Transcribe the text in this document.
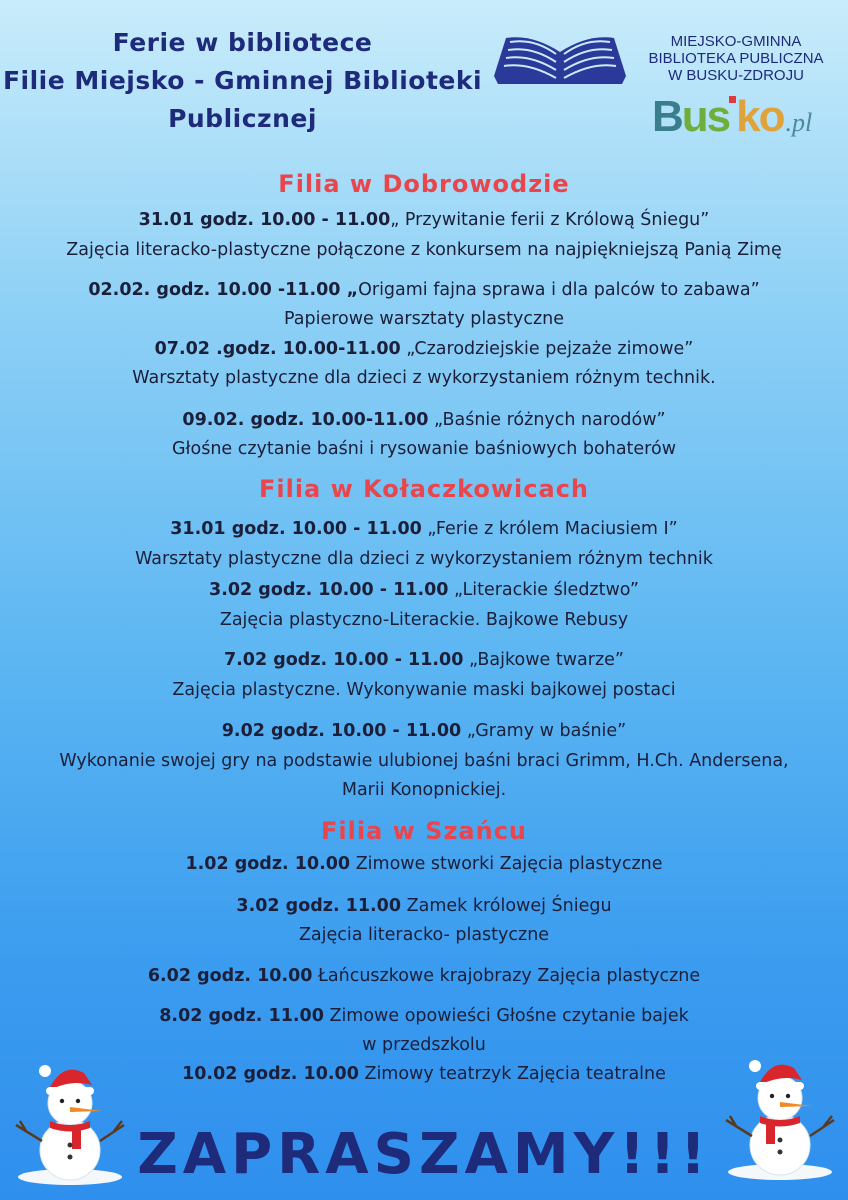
Ferie w bibliotece
Filie Miejsko - Gminnej Biblioteki
Publicznej
MIEJSKO-GMINNA
BIBLIOTEKA PUBLICZNA
W BUSKU-ZDROJU
Bus ko.pl
Filia w Dobrowodzie
31.01 godz. 10.00 - 11.00„ Przywitanie ferii z Królową Śniegu”
Zajęcia literacko-plastyczne połączone z konkursem na najpiękniejszą Panią Zimę
02.02. godz. 10.00 -11.00 „Origami fajna sprawa i dla palców to zabawa”
Papierowe warsztaty plastyczne
07.02 .godz. 10.00-11.00 „Czarodziejskie pejzaże zimowe”
Warsztaty plastyczne dla dzieci z wykorzystaniem różnym technik.
09.02. godz. 10.00-11.00 „Baśnie różnych narodów”
Głośne czytanie baśni i rysowanie baśniowych bohaterów
Filia w Kołaczkowicach
31.01 godz. 10.00 - 11.00 „Ferie z królem Maciusiem I”
Warsztaty plastyczne dla dzieci z wykorzystaniem różnym technik
3.02 godz. 10.00 - 11.00 „Literackie śledztwo”
Zajęcia plastyczno-Literackie. Bajkowe Rebusy
7.02 godz. 10.00 - 11.00 „Bajkowe twarze”
Zajęcia plastyczne. Wykonywanie maski bajkowej postaci
9.02 godz. 10.00 - 11.00 „Gramy w baśnie”
Wykonanie swojej gry na podstawie ulubionej baśni braci Grimm, H.Ch. Andersena,
Marii Konopnickiej.
Filia w Szańcu
1.02 godz. 10.00 Zimowe stworki Zajęcia plastyczne
3.02 godz. 11.00 Zamek królowej Śniegu
Zajęcia literacko- plastyczne
6.02 godz. 10.00 Łańcuszkowe krajobrazy Zajęcia plastyczne
8.02 godz. 11.00 Zimowe opowieści Głośne czytanie bajek
w przedszkolu
10.02 godz. 10.00 Zimowy teatrzyk Zajęcia teatralne
ZAPRASZAMY!!!
